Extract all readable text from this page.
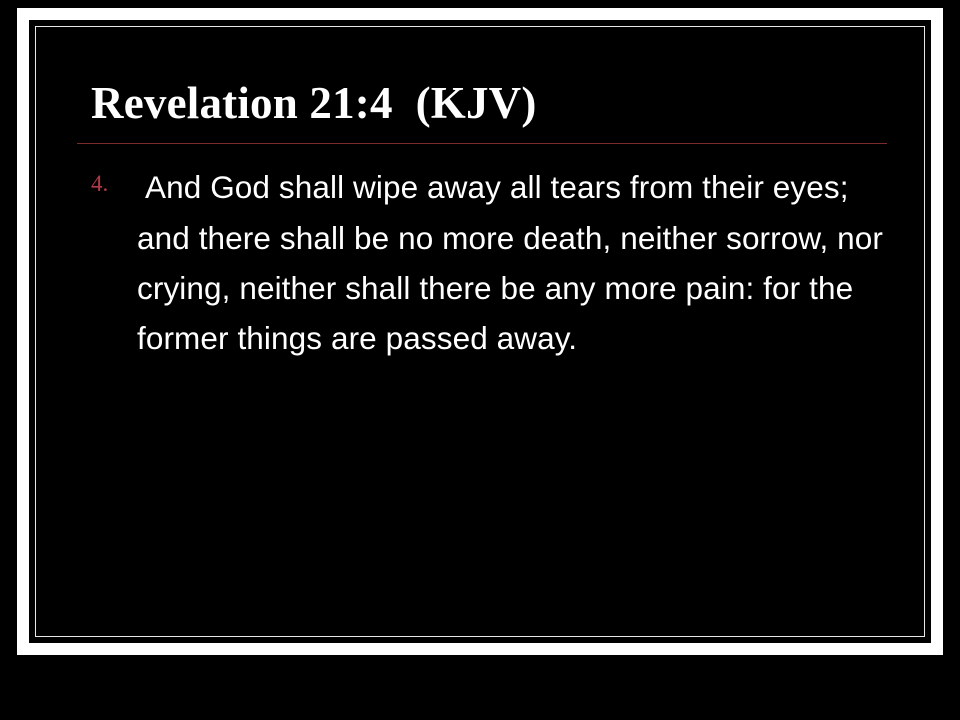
Revelation 21:4  (KJV)
4.	And God shall wipe away all tears from their eyes; and there shall be no more death, neither sorrow, nor crying, neither shall there be any more pain: for the former things are passed away.
